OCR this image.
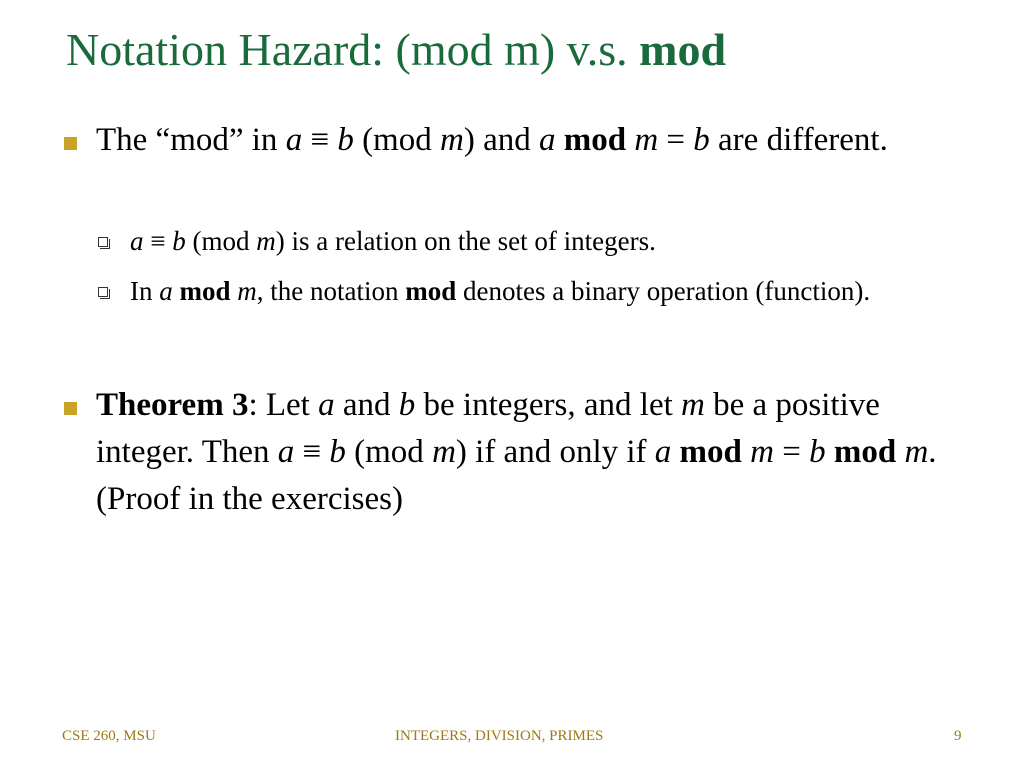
Notation Hazard: (mod m) v.s. mod
The “mod” in a ≡ b (mod m) and a mod m = b are different.
a ≡ b (mod m) is a relation on the set of integers.
In a mod m, the notation mod denotes a binary operation (function).
Theorem 3: Let a and b be integers, and let m be a positive integer. Then a ≡ b (mod m) if and only if a mod m = b mod m. (Proof in the exercises)
CSE 260, MSU	INTEGERS, DIVISION, PRIMES	9
